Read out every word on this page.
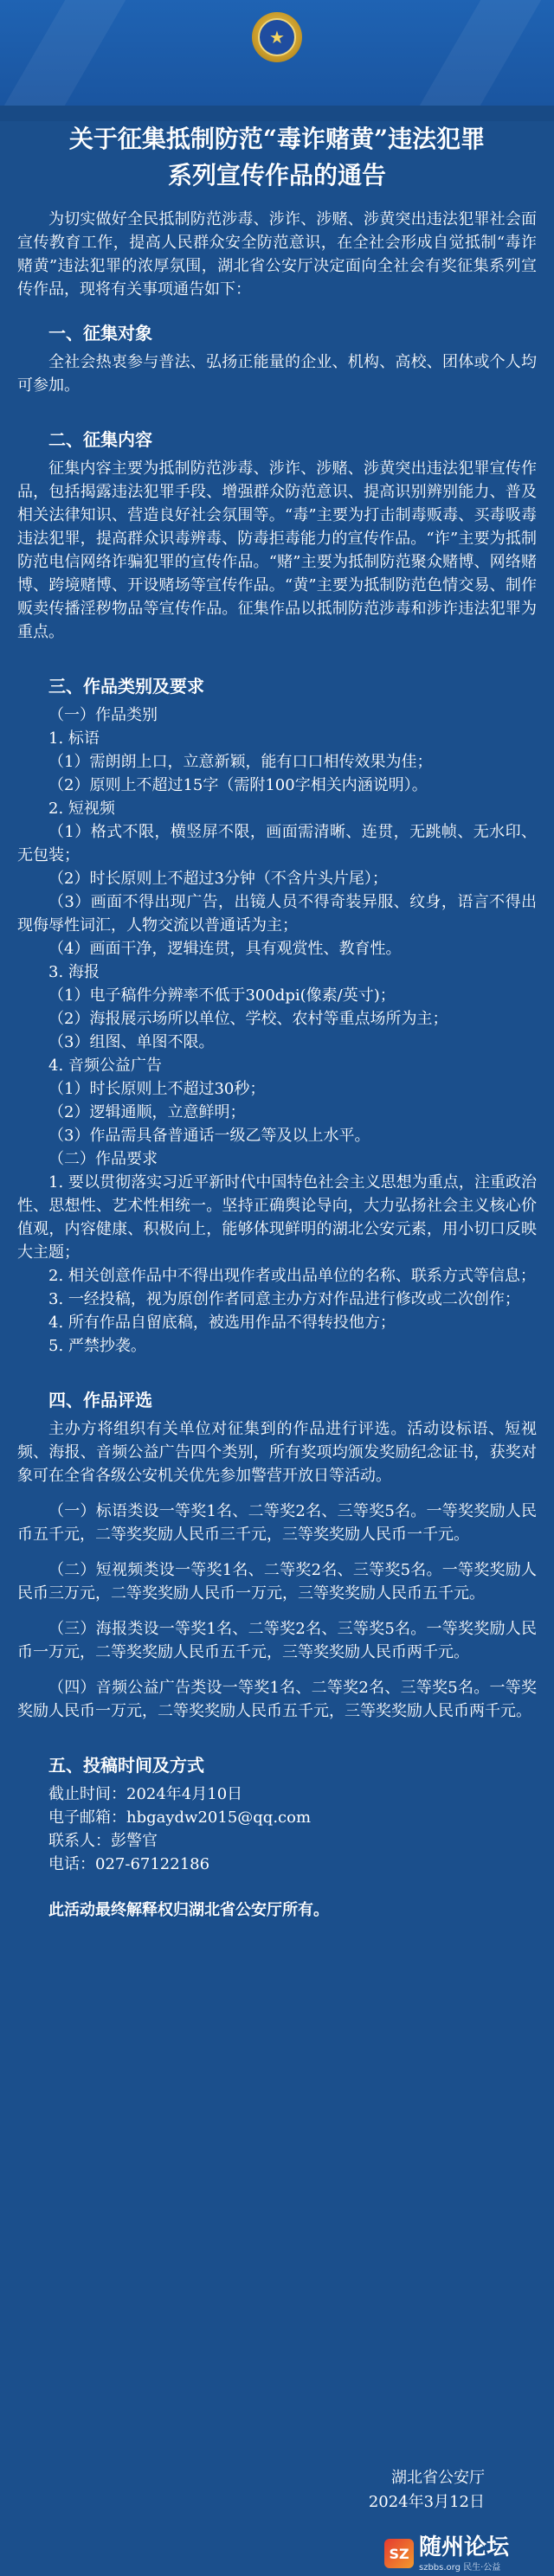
★
关于征集抵制防范“毒诈赌黄”违法犯罪
系列宣传作品的通告

为切实做好全民抵制防范涉毒、涉诈、涉赌、涉黄突出违法犯罪社会面宣传教育工作，提高人民群众安全防范意识，在全社会形成自觉抵制“毒诈赌黄”违法犯罪的浓厚氛围，湖北省公安厅决定面向全社会有奖征集系列宣传作品，现将有关事项通告如下：

一、征集对象

全社会热衷参与普法、弘扬正能量的企业、机构、高校、团体或个人均可参加。

二、征集内容

征集内容主要为抵制防范涉毒、涉诈、涉赌、涉黄突出违法犯罪宣传作品，包括揭露违法犯罪手段、增强群众防范意识、提高识别辨别能力、普及相关法律知识、营造良好社会氛围等。“毒”主要为打击制毒贩毒、买毒吸毒违法犯罪，提高群众识毒辨毒、防毒拒毒能力的宣传作品。“诈”主要为抵制防范电信网络诈骗犯罪的宣传作品。“赌”主要为抵制防范聚众赌博、网络赌博、跨境赌博、开设赌场等宣传作品。“黄”主要为抵制防范色情交易、制作贩卖传播淫秽物品等宣传作品。征集作品以抵制防范涉毒和涉诈违法犯罪为重点。

三、作品类别及要求

（一）作品类别

1. 标语

（1）需朗朗上口，立意新颖，能有口口相传效果为佳；

（2）原则上不超过15字（需附100字相关内涵说明）。

2. 短视频

（1）格式不限，横竖屏不限，画面需清晰、连贯，无跳帧、无水印、无包装；

（2）时长原则上不超过3分钟（不含片头片尾）；

（3）画面不得出现广告，出镜人员不得奇装异服、纹身，语言不得出现侮辱性词汇，人物交流以普通话为主；

（4）画面干净，逻辑连贯，具有观赏性、教育性。

3. 海报

（1）电子稿件分辨率不低于300dpi(像素/英寸)；

（2）海报展示场所以单位、学校、农村等重点场所为主；

（3）组图、单图不限。

4. 音频公益广告

（1）时长原则上不超过30秒；

（2）逻辑通顺，立意鲜明；

（3）作品需具备普通话一级乙等及以上水平。

（二）作品要求

1. 要以贯彻落实习近平新时代中国特色社会主义思想为重点，注重政治性、思想性、艺术性相统一。坚持正确舆论导向，大力弘扬社会主义核心价值观，内容健康、积极向上，能够体现鲜明的湖北公安元素，用小切口反映大主题；

2. 相关创意作品中不得出现作者或出品单位的名称、联系方式等信息；

3. 一经投稿，视为原创作者同意主办方对作品进行修改或二次创作；

4. 所有作品自留底稿，被选用作品不得转投他方；

5. 严禁抄袭。

四、作品评选

主办方将组织有关单位对征集到的作品进行评选。活动设标语、短视频、海报、音频公益广告四个类别，所有奖项均颁发奖励纪念证书，获奖对象可在全省各级公安机关优先参加警营开放日等活动。

（一）标语类设一等奖1名、二等奖2名、三等奖5名。一等奖奖励人民币五千元，二等奖奖励人民币三千元，三等奖奖励人民币一千元。

（二）短视频类设一等奖1名、二等奖2名、三等奖5名。一等奖奖励人民币三万元，二等奖奖励人民币一万元，三等奖奖励人民币五千元。

（三）海报类设一等奖1名、二等奖2名、三等奖5名。一等奖奖励人民币一万元，二等奖奖励人民币五千元，三等奖奖励人民币两千元。

（四）音频公益广告类设一等奖1名、二等奖2名、三等奖5名。一等奖奖励人民币一万元，二等奖奖励人民币五千元，三等奖奖励人民币两千元。

五、投稿时间及方式

截止时间：2024年4月10日

电子邮箱：hbgaydw2015@qq.com

联系人：彭警官

电话：027-67122186

此活动最终解释权归湖北省公安厅所有。

湖北省公安厅

2024年3月12日

SZ 随州论坛
szbbs.org 民生·公益
